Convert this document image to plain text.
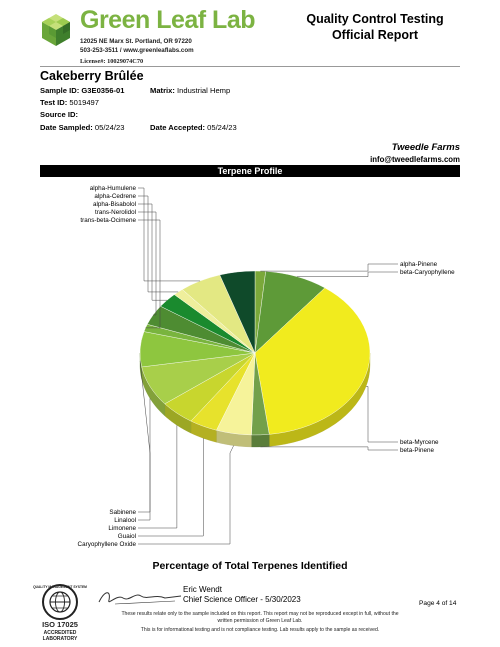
Green Leaf Lab
12025 NE Marx St. Portland, OR 97220
503-253-3511 / www.greenleaflabs.com
License#: 10029074C70
Quality Control Testing
Official Report
Cakeberry Brûlée
Sample ID: G3E0356-01	Matrix: Industrial Hemp
Test ID: 5019497
Source ID:
Date Sampled: 05/24/23	Date Accepted: 05/24/23
Tweedle Farms
info@tweedlefarms.com
Terpene Profile
alpha-Pinene
beta-Caryophyllene
beta-Myrcene
beta-Pinene
Caryophyllene Oxide
Guaiol
Limonene
Linalool
Sabinene
trans-beta-Ocimene
trans-Nerolidol
alpha-Bisabolol
alpha-Cedrene
alpha-Humulene
Percentage of Total Terpenes Identified
QUALITY MANAGEMENT SYSTEM
ISO 17025
ACCREDITED
LABORATORY
Eric Wendt
Chief Science Officer - 5/30/2023
These results relate only to the sample included on this report. This report may not be reproduced except in full, without the
written permission of Green Leaf Lab.
This is for informational testing and is not compliance testing. Lab results apply to the sample as received.
Page 4 of 14
